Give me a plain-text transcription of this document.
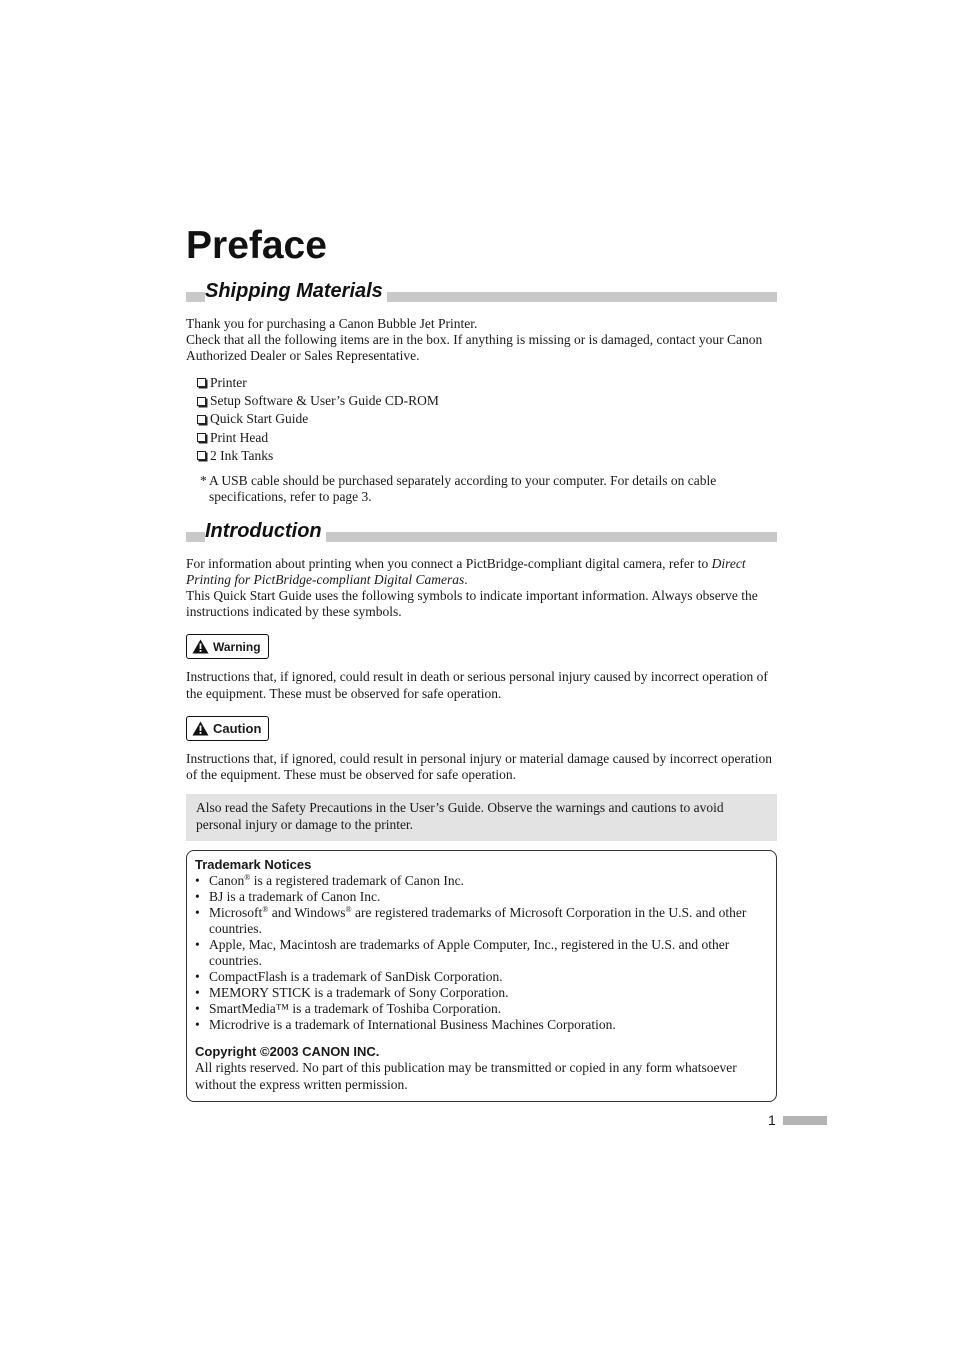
Preface
Shipping Materials

Thank you for purchasing a Canon Bubble Jet Printer.

Check that all the following items are in the box. If anything is missing or is damaged, contact your Canon Authorized Dealer or Sales Representative.

Printer
Setup Software & User’s Guide CD-ROM
Quick Start Guide
Print Head
2 Ink Tanks
* A USB cable should be purchased separately according to your computer. For details on cable specifications, refer to page 3.
Introduction

For information about printing when you connect a PictBridge-compliant digital camera, refer to Direct Printing for PictBridge-compliant Digital Cameras.

This Quick Start Guide uses the following symbols to indicate important information. Always observe the instructions indicated by these symbols.

Warning

Instructions that, if ignored, could result in death or serious personal injury caused by incorrect operation of the equipment. These must be observed for safe operation.

Caution

Instructions that, if ignored, could result in personal injury or material damage caused by incorrect operation of the equipment. These must be observed for safe operation.

Also read the Safety Precautions in the User’s Guide. Observe the warnings and cautions to avoid personal injury or damage to the printer.
Trademark Notices
• Canon® is a registered trademark of Canon Inc.
• BJ is a trademark of Canon Inc.
• Microsoft® and Windows® are registered trademarks of Microsoft Corporation in the U.S. and other countries.
• Apple, Mac, Macintosh are trademarks of Apple Computer, Inc., registered in the U.S. and other countries.
• CompactFlash is a trademark of SanDisk Corporation.
• MEMORY STICK is a trademark of Sony Corporation.
• SmartMedia™ is a trademark of Toshiba Corporation.
• Microdrive is a trademark of International Business Machines Corporation.
Copyright ©2003 CANON INC.

All rights reserved. No part of this publication may be transmitted or copied in any form whatsoever without the express written permission.

1
